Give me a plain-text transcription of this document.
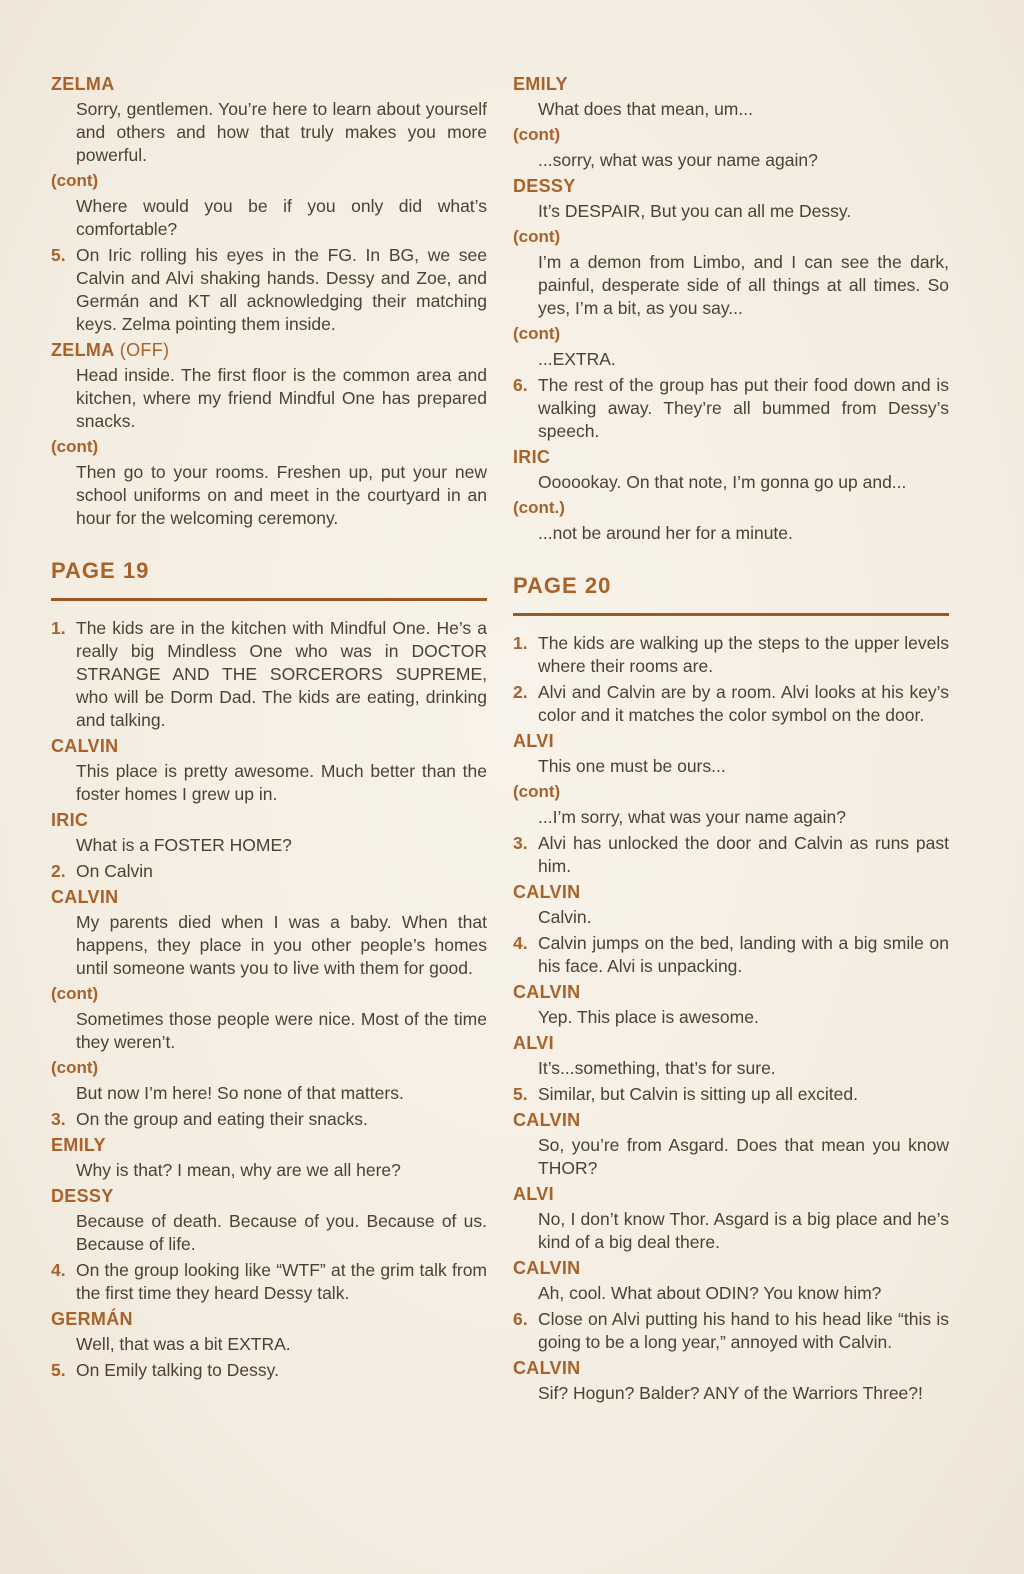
ZELMA
Sorry, gentlemen. You’re here to learn about yourself and others and how that truly makes you more powerful.
(cont)
Where would you be if you only did what’s comfortable?
5. On Iric rolling his eyes in the FG. In BG, we see Calvin and Alvi shaking hands. Dessy and Zoe, and Germán and KT all acknowledging their matching keys. Zelma pointing them inside.
ZELMA (OFF)
Head inside. The first floor is the common area and kitchen, where my friend Mindful One has prepared snacks.
(cont)
Then go to your rooms. Freshen up, put your new school uniforms on and meet in the courtyard in an hour for the welcoming ceremony.
PAGE 19
1. The kids are in the kitchen with Mindful One. He’s a really big Mindless One who was in DOCTOR STRANGE AND THE SORCERORS SUPREME, who will be Dorm Dad. The kids are eating, drinking and talking.
CALVIN
This place is pretty awesome. Much better than the foster homes I grew up in.
IRIC
What is a FOSTER HOME?
2. On Calvin
CALVIN
My parents died when I was a baby. When that happens, they place in you other people’s homes until someone wants you to live with them for good.
(cont)
Sometimes those people were nice. Most of the time they weren’t.
(cont)
But now I’m here! So none of that matters.
3. On the group and eating their snacks.
EMILY
Why is that? I mean, why are we all here?
DESSY
Because of death. Because of you. Because of us. Because of life.
4. On the group looking like “WTF” at the grim talk from the first time they heard Dessy talk.
GERMÁN
Well, that was a bit EXTRA.
5. On Emily talking to Dessy.
EMILY
What does that mean, um...
(cont)
...sorry, what was your name again?
DESSY
It’s DESPAIR, But you can all me Dessy.
(cont)
I’m a demon from Limbo, and I can see the dark, painful, desperate side of all things at all times. So yes, I’m a bit, as you say...
(cont)
...EXTRA.
6. The rest of the group has put their food down and is walking away. They’re all bummed from Dessy’s speech.
IRIC
Oooookay. On that note, I’m gonna go up and...
(cont.)
...not be around her for a minute.
PAGE 20
1. The kids are walking up the steps to the upper levels where their rooms are.
2. Alvi and Calvin are by a room. Alvi looks at his key’s color and it matches the color symbol on the door.
ALVI
This one must be ours...
(cont)
...I’m sorry, what was your name again?
3. Alvi has unlocked the door and Calvin as runs past him.
CALVIN
Calvin.
4. Calvin jumps on the bed, landing with a big smile on his face. Alvi is unpacking.
CALVIN
Yep. This place is awesome.
ALVI
It’s...something, that’s for sure.
5. Similar, but Calvin is sitting up all excited.
CALVIN
So, you’re from Asgard. Does that mean you know THOR?
ALVI
No, I don’t know Thor. Asgard is a big place and he’s kind of a big deal there.
CALVIN
Ah, cool. What about ODIN? You know him?
6. Close on Alvi putting his hand to his head like “this is going to be a long year,” annoyed with Calvin.
CALVIN
Sif? Hogun? Balder? ANY of the Warriors Three?!
